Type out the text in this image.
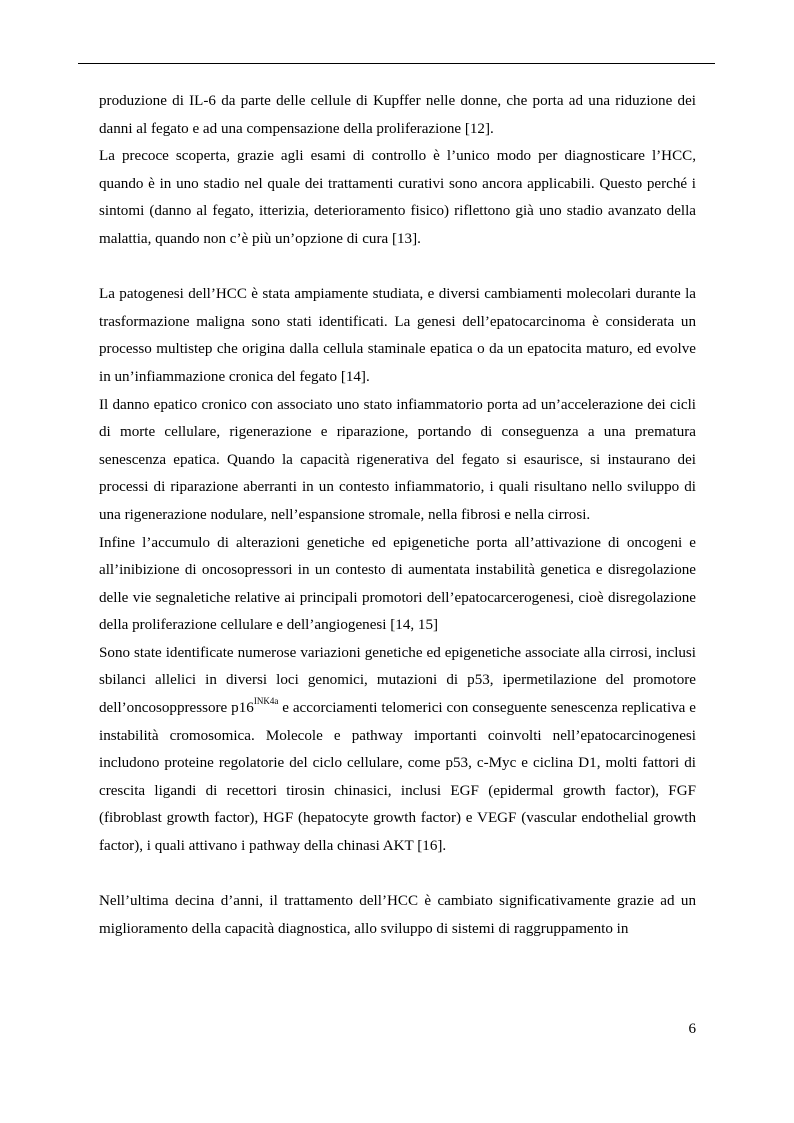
produzione di IL-6 da parte delle cellule di Kupffer nelle donne, che porta ad una riduzione dei danni al fegato e ad una compensazione della proliferazione [12].

La precoce scoperta, grazie agli esami di controllo è l’unico modo per diagnosticare l’HCC, quando è in uno stadio nel quale dei trattamenti curativi sono ancora applicabili. Questo perché i sintomi (danno al fegato, itterizia, deterioramento fisico) riflettono già uno stadio avanzato della malattia, quando non c’è più un’opzione di cura [13].

La patogenesi dell’HCC è stata ampiamente studiata, e diversi cambiamenti molecolari durante la trasformazione maligna sono stati identificati. La genesi dell’epatocarcinoma è considerata un processo multistep che origina dalla cellula staminale epatica o da un epatocita maturo, ed evolve in un’infiammazione cronica del fegato [14].

Il danno epatico cronico con associato uno stato infiammatorio porta ad un’accelerazione dei cicli di morte cellulare, rigenerazione e riparazione, portando di conseguenza a una prematura senescenza epatica. Quando la capacità rigenerativa del fegato si esaurisce, si instaurano dei processi di riparazione aberranti in un contesto infiammatorio, i quali risultano nello sviluppo di una rigenerazione nodulare, nell’espansione stromale, nella fibrosi e nella cirrosi.

Infine l’accumulo di alterazioni genetiche ed epigenetiche porta all’attivazione di oncogeni e all’inibizione di oncosopressori in un contesto di aumentata instabilità genetica e disregolazione delle vie segnaletiche relative ai principali promotori dell’epatocarcerogenesi, cioè disregolazione della proliferazione cellulare e dell’angiogenesi [14, 15]

Sono state identificate numerose variazioni genetiche ed epigenetiche associate alla cirrosi, inclusi sbilanci allelici in diversi loci genomici, mutazioni di p53, ipermetilazione del promotore dell’oncosoppressore $p16^{INK4a}$ e accorciamenti telomerici con conseguente senescenza replicativa e instabilità cromosomica. Molecole e pathway importanti coinvolti nell’epatocarcinogenesi includono proteine regolatorie del ciclo cellulare, come p53, c-Myc e ciclina D1, molti fattori di crescita ligandi di recettori tirosin chinasici, inclusi EGF (epidermal growth factor), FGF (fibroblast growth factor), HGF (hepatocyte growth factor) e VEGF (vascular endothelial growth factor), i quali attivano i pathway della chinasi AKT [16].

Nell’ultima decina d’anni, il trattamento dell’HCC è cambiato significativamente grazie ad un miglioramento della capacità diagnostica, allo sviluppo di sistemi di raggruppamento in

6
